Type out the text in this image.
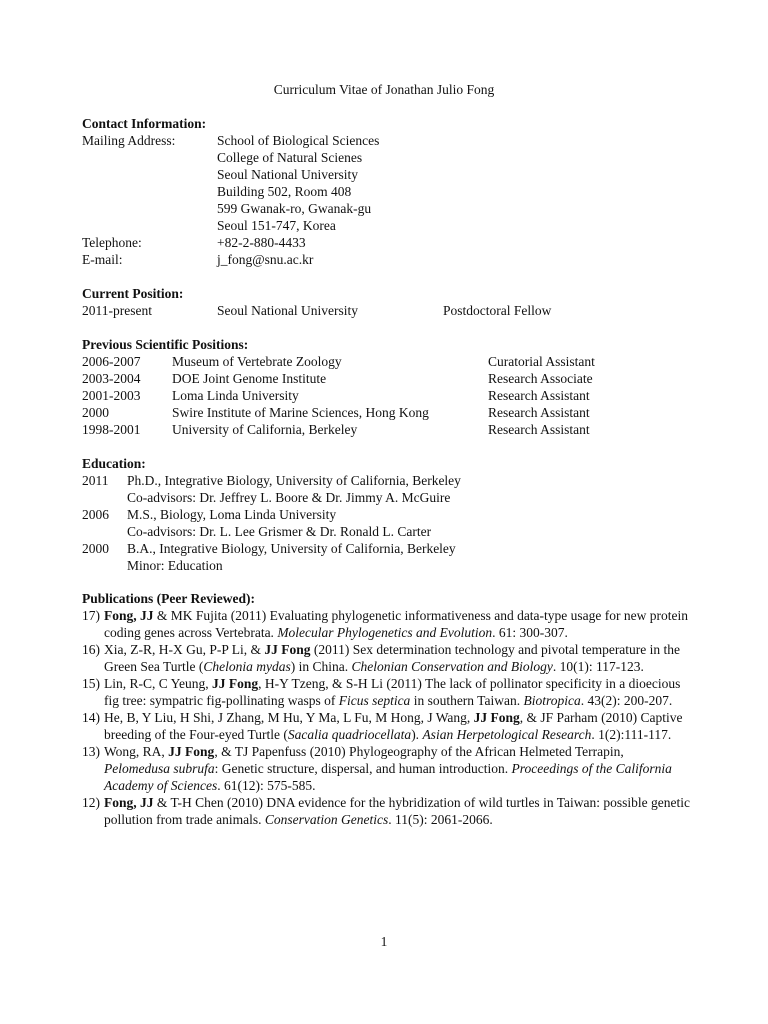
Curriculum Vitae of Jonathan Julio Fong
Contact Information:
Mailing Address:	School of Biological Sciences
College of Natural Scienes
Seoul National University
Building 502, Room 408
599 Gwanak-ro, Gwanak-gu
Seoul 151-747, Korea
Telephone:	+82-2-880-4433
E-mail:	j_fong@snu.ac.kr
Current Position:
2011-present	Seoul National University	Postdoctoral Fellow
Previous Scientific Positions:
2006-2007	Museum of Vertebrate Zoology	Curatorial Assistant
2003-2004	DOE Joint Genome Institute	Research Associate
2001-2003	Loma Linda University	Research Assistant
2000	Swire Institute of Marine Sciences, Hong Kong	Research Assistant
1998-2001	University of California, Berkeley	Research Assistant
Education:
2011	Ph.D., Integrative Biology, University of California, Berkeley
Co-advisors: Dr. Jeffrey L. Boore & Dr. Jimmy A. McGuire
2006	M.S., Biology, Loma Linda University
Co-advisors: Dr. L. Lee Grismer & Dr. Ronald L. Carter
2000	B.A., Integrative Biology, University of California, Berkeley
Minor: Education
Publications (Peer Reviewed):
17) Fong, JJ & MK Fujita (2011) Evaluating phylogenetic informativeness and data-type usage for new protein coding genes across Vertebrata. Molecular Phylogenetics and Evolution. 61: 300-307.
16) Xia, Z-R, H-X Gu, P-P Li, & JJ Fong (2011) Sex determination technology and pivotal temperature in the Green Sea Turtle (Chelonia mydas) in China. Chelonian Conservation and Biology. 10(1): 117-123.
15) Lin, R-C, C Yeung, JJ Fong, H-Y Tzeng, & S-H Li (2011) The lack of pollinator specificity in a dioecious fig tree: sympatric fig-pollinating wasps of Ficus septica in southern Taiwan. Biotropica. 43(2): 200-207.
14) He, B, Y Liu, H Shi, J Zhang, M Hu, Y Ma, L Fu, M Hong, J Wang, JJ Fong, & JF Parham (2010) Captive breeding of the Four-eyed Turtle (Sacalia quadriocellata). Asian Herpetological Research. 1(2):111-117.
13) Wong, RA, JJ Fong, & TJ Papenfuss (2010) Phylogeography of the African Helmeted Terrapin, Pelomedusa subrufa: Genetic structure, dispersal, and human introduction. Proceedings of the California Academy of Sciences. 61(12): 575-585.
12) Fong, JJ & T-H Chen (2010) DNA evidence for the hybridization of wild turtles in Taiwan: possible genetic pollution from trade animals. Conservation Genetics. 11(5): 2061-2066.
1
